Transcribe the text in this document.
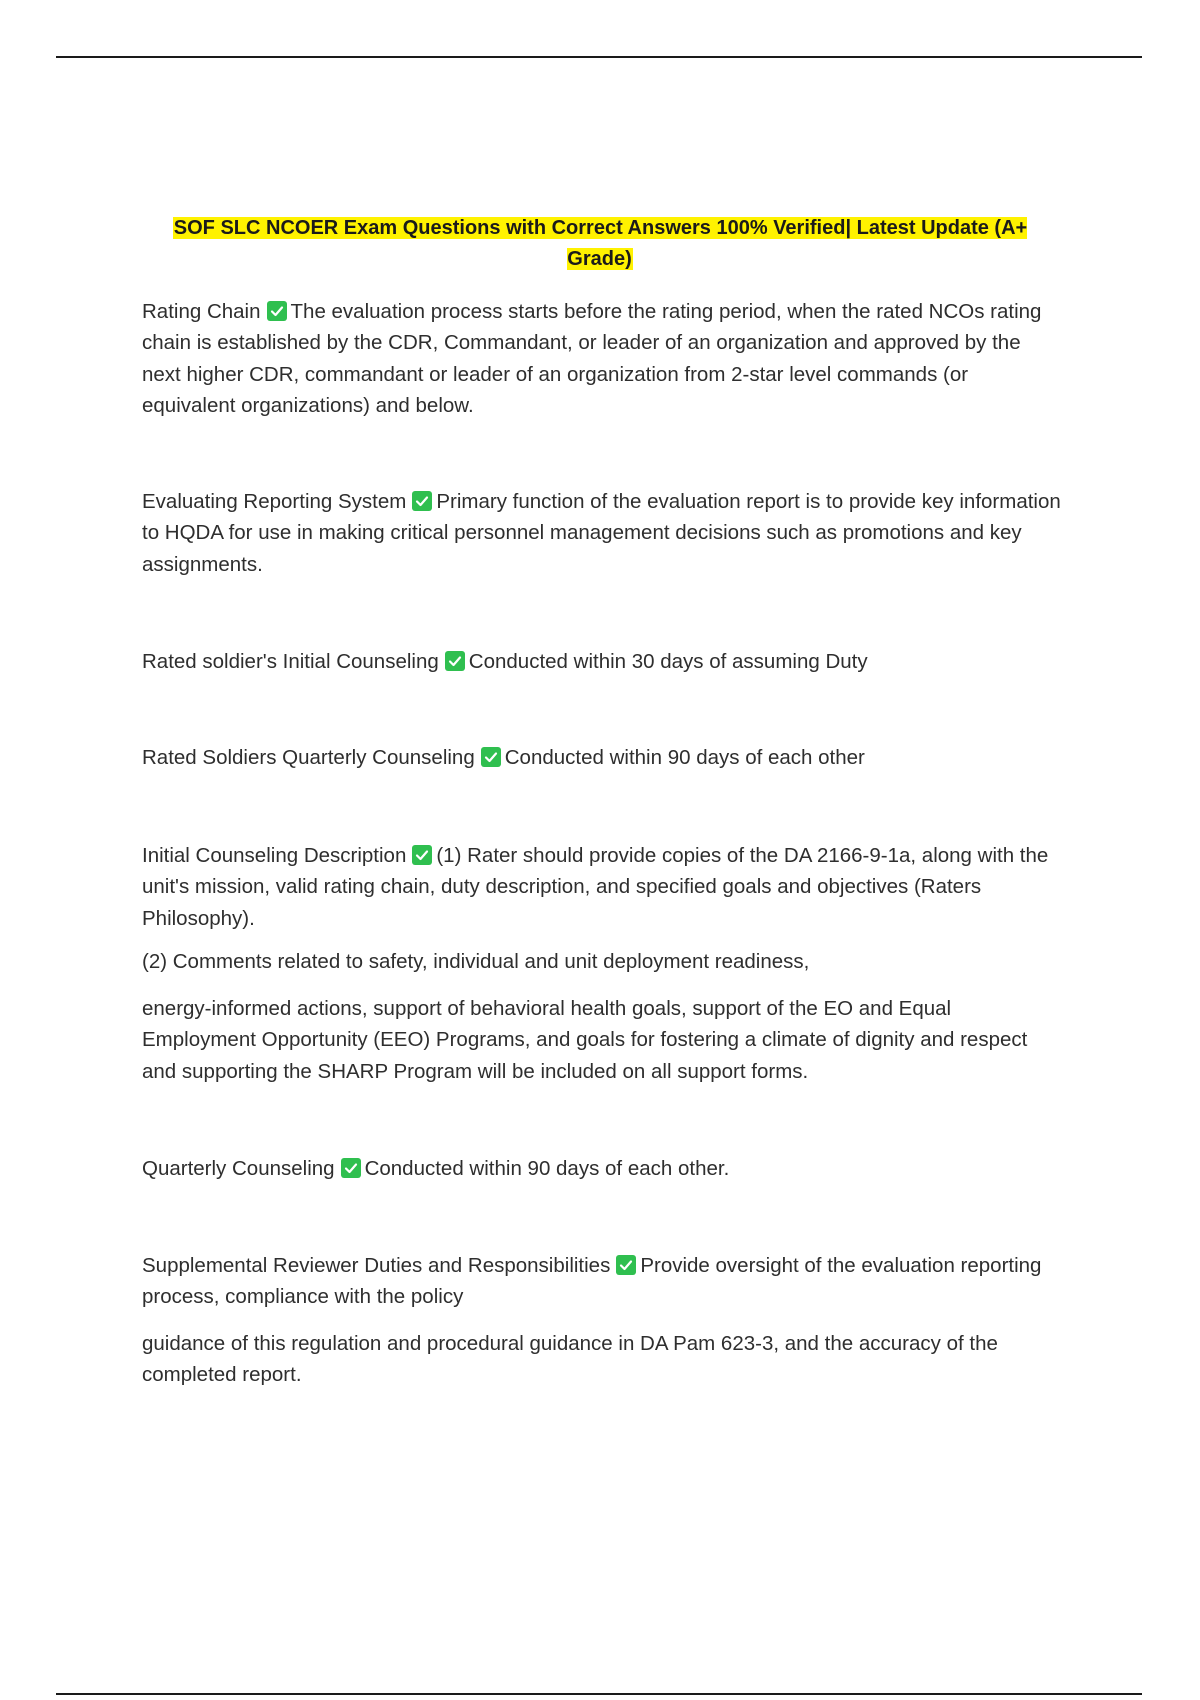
SOF SLC NCOER Exam Questions with Correct Answers 100% Verified| Latest Update (A+ Grade)

Rating Chain The evaluation process starts before the rating period, when the rated NCOs rating chain is established by the CDR, Commandant, or leader of an organization and approved by the next higher CDR, commandant or leader of an organization from 2-star level commands (or equivalent organizations) and below.

Evaluating Reporting System Primary function of the evaluation report is to provide key information to HQDA for use in making critical personnel management decisions such as promotions and key assignments.

Rated soldier's Initial Counseling Conducted within 30 days of assuming Duty

Rated Soldiers Quarterly Counseling Conducted within 90 days of each other

Initial Counseling Description (1) Rater should provide copies of the DA 2166-9-1a, along with the unit's mission, valid rating chain, duty description, and specified goals and objectives (Raters Philosophy).

(2) Comments related to safety, individual and unit deployment readiness,

energy-informed actions, support of behavioral health goals, support of the EO and Equal Employment Opportunity (EEO) Programs, and goals for fostering a climate of dignity and respect and supporting the SHARP Program will be included on all support forms.

Quarterly Counseling Conducted within 90 days of each other.

Supplemental Reviewer Duties and Responsibilities Provide oversight of the evaluation reporting process, compliance with the policy

guidance of this regulation and procedural guidance in DA Pam 623-3, and the accuracy of the completed report.
